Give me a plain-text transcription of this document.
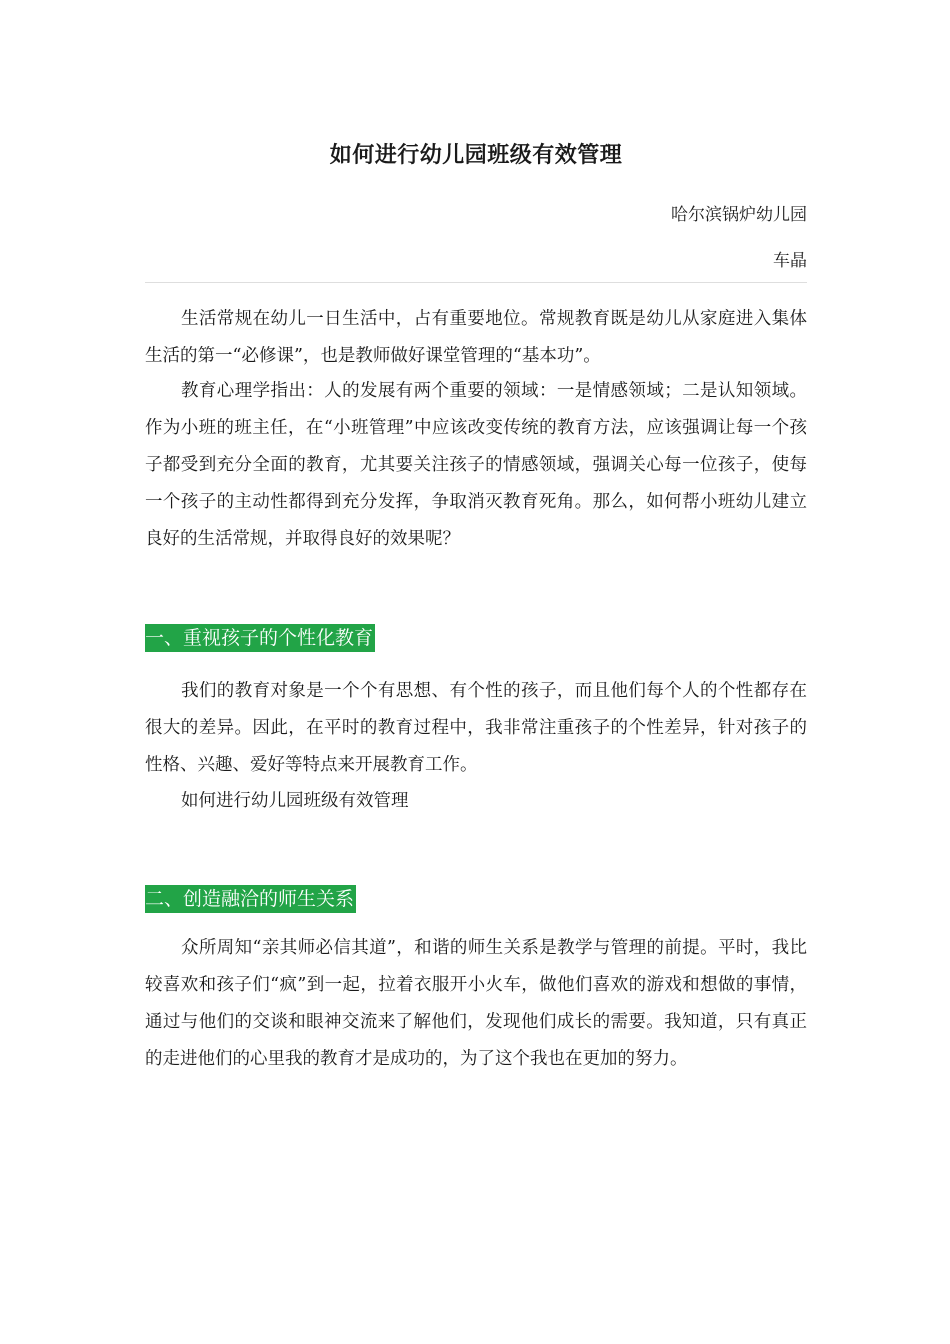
如何进行幼儿园班级有效管理
哈尔滨锅炉幼儿园
车晶

生活常规在幼儿一日生活中，占有重要地位。常规教育既是幼儿从家庭进入集体生活的第一“必修课”，也是教师做好课堂管理的“基本功”。

教育心理学指出：人的发展有两个重要的领域：一是情感领域；二是认知领域。作为小班的班主任，在“小班管理”中应该改变传统的教育方法，应该强调让每一个孩子都受到充分全面的教育，尤其要关注孩子的情感领域，强调关心每一位孩子，使每一个孩子的主动性都得到充分发挥，争取消灭教育死角。那么，如何帮小班幼儿建立良好的生活常规，并取得良好的效果呢？

一、重视孩子的个性化教育

我们的教育对象是一个个有思想、有个性的孩子，而且他们每个人的个性都存在很大的差异。因此，在平时的教育过程中，我非常注重孩子的个性差异，针对孩子的性格、兴趣、爱好等特点来开展教育工作。

如何进行幼儿园班级有效管理

二、创造融洽的师生关系

众所周知“亲其师必信其道”，和谐的师生关系是教学与管理的前提。平时，我比较喜欢和孩子们“疯”到一起，拉着衣服开小火车，做他们喜欢的游戏和想做的事情，通过与他们的交谈和眼神交流来了解他们，发现他们成长的需要。我知道，只有真正的走进他们的心里我的教育才是成功的，为了这个我也在更加的努力。
